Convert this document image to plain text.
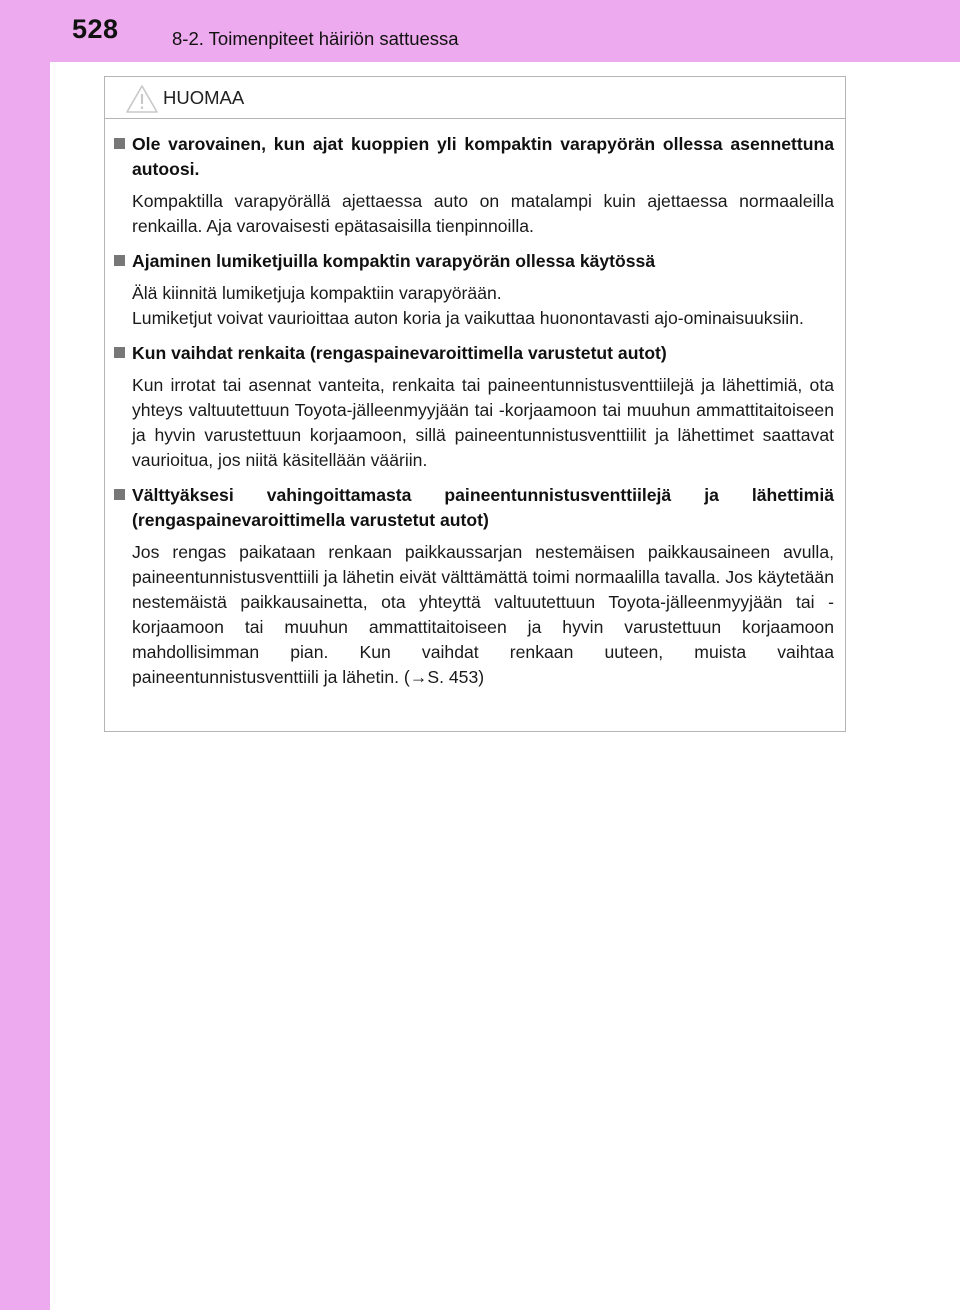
528	8-2. Toimenpiteet häiriön sattuessa
HUOMAA
Ole varovainen, kun ajat kuoppien yli kompaktin varapyörän ollessa asennettuna autoosi.

Kompaktilla varapyörällä ajettaessa auto on matalampi kuin ajettaessa normaaleilla renkailla. Aja varovaisesti epätasaisilla tienpinnoilla.

Ajaminen lumiketjuilla kompaktin varapyörän ollessa käytössä

Älä kiinnitä lumiketjuja kompaktiin varapyörään.

Lumiketjut voivat vaurioittaa auton koria ja vaikuttaa huonontavasti ajo-ominaisuuksiin.

Kun vaihdat renkaita (rengaspainevaroittimella varustetut autot)

Kun irrotat tai asennat vanteita, renkaita tai paineentunnistusventtiilejä ja lähettimiä, ota yhteys valtuutettuun Toyota-jälleenmyyjään tai -korjaamoon tai muuhun ammattitaitoiseen ja hyvin varustettuun korjaamoon, sillä paineentunnistusventtiilit ja lähettimet saattavat vaurioitua, jos niitä käsitellään vääriin.

Välttyäksesi vahingoittamasta paineentunnistusventtiilejä ja lähettimiä (rengaspainevaroittimella varustetut autot)

Jos rengas paikataan renkaan paikkaussarjan nestemäisen paikkausaineen avulla, paineentunnistusventtiili ja lähetin eivät välttämättä toimi normaalilla tavalla. Jos käytetään nestemäistä paikkausainetta, ota yhteyttä valtuutettuun Toyota-jälleenmyyjään tai -korjaamoon tai muuhun ammattitaitoiseen ja hyvin varustettuun korjaamoon mahdollisimman pian. Kun vaihdat renkaan uuteen, muista vaihtaa paineentunnistusventtiili ja lähetin. (→S. 453)
